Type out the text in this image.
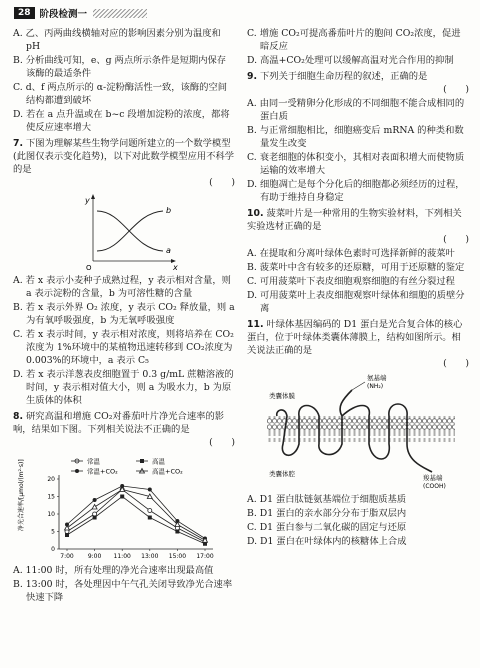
28 阶段检测一
A. 乙、丙两曲线横轴对应的影响因素分别为温度和 pH
B. 分析曲线可知，e、g 两点所示条件是短期内保存该酶的最适条件
C. d、f 两点所示的 α-淀粉酶活性一致，该酶的空间结构都遭到破坏
D. 若在 a 点升温或在 b~c 段增加淀粉的浓度，都将使反应速率增大
7. 下图为理解某些生物学问题所建立的一个数学模型(此图仅表示变化趋势)，以下对此数学模型应用不科学的是
(　　)
y
x
O
b
a
A. 若 x 表示小麦种子成熟过程，y 表示相对含量，则 a 表示淀粉的含量，b 为可溶性糖的含量
B. 若 x 表示外界 O₂ 浓度，y 表示 CO₂ 释放量，则 a 为有氧呼吸强度，b 为无氧呼吸强度
C. 若 x 表示时间，y 表示相对浓度，则将培养在 CO₂浓度为 1%环境中的某植物迅速转移到 CO₂浓度为 0.003%的环境中，a 表示 C₅
D. 若 x 表示洋葱表皮细胞置于 0.3 g/mL 蔗糖溶液的时间，y 表示相对值大小，则 a 为吸水力，b 为原生质体的体积
8. 研究高温和增施 CO₂对番茄叶片净光合速率的影响，结果如下图。下列相关说法不正确的是
(　　)
常温	高温
常温+CO₂	高温+CO₂
0
5
10
15
20
7:00 9:00 11:00 13:00 15:00 17:00
净光合速率/[μmol/(m²·s)]
A. 11:00 时，所有处理的净光合速率出现最高值
B. 13:00 时，各处理因中午气孔关闭导致净光合速率快速下降
C. 增施 CO₂可提高番茄叶片的胞间 CO₂浓度，促进暗反应
D. 高温+CO₂处理可以缓解高温对光合作用的抑制
9. 下列关于细胞生命历程的叙述，正确的是
(　　)
A. 由同一受精卵分化形成的不同细胞不能合成相同的蛋白质
B. 与正常细胞相比，细胞癌变后 mRNA 的种类和数量发生改变
C. 衰老细胞的体积变小，其相对表面积增大而使物质运输的效率增大
D. 细胞凋亡是每个分化后的细胞都必须经历的过程，有助于维持自身稳定
10. 菠菜叶片是一种常用的生物实验材料，下列相关实验选材正确的是
(　　)
A. 在提取和分离叶绿体色素时可选择新鲜的菠菜叶
B. 菠菜叶中含有较多的还原糖，可用于还原糖的鉴定
C. 可用菠菜叶下表皮细胞观察细胞的有丝分裂过程
D. 可用菠菜叶上表皮细胞观察叶绿体和细胞的质壁分离
11. 叶绿体基因编码的 D1 蛋白是光合复合体的核心蛋白，位于叶绿体类囊体薄膜上，结构如图所示。相关说法正确的是
(　　)
氨基端
(NH₂)
类囊体膜
类囊体腔	羧基端
(COOH)
A. D1 蛋白肽链氨基端位于细胞质基质
B. D1 蛋白的亲水部分分布于脂双层内
C. D1 蛋白参与二氧化碳的固定与还原
D. D1 蛋白在叶绿体内的核糖体上合成
